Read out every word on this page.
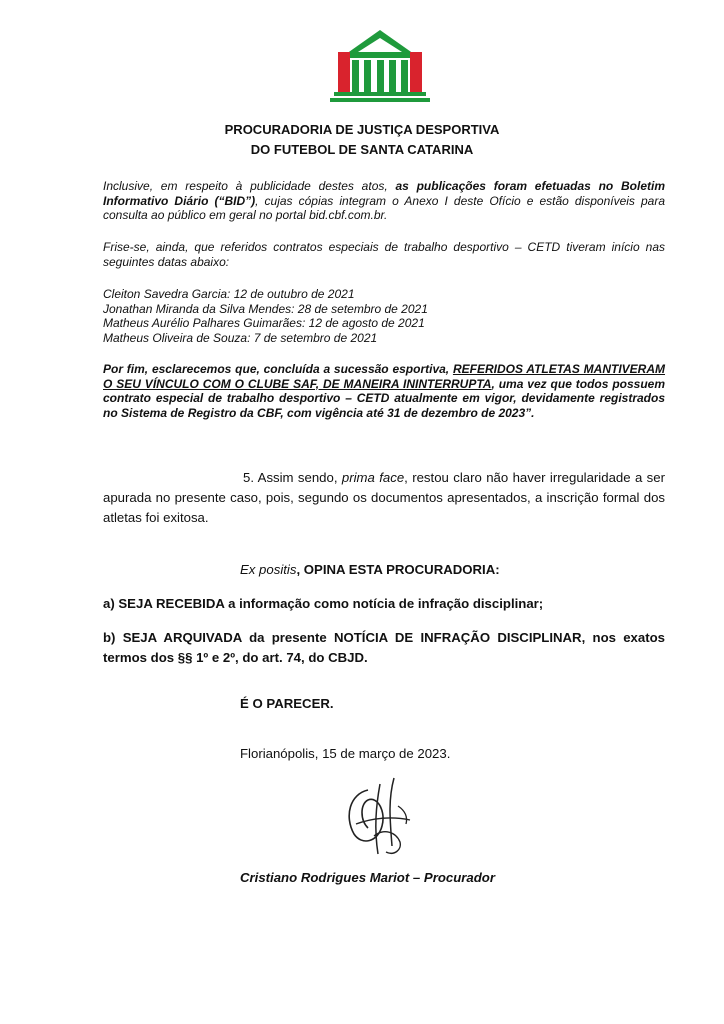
PROCURADORIA DE JUSTIÇA DESPORTIVA
DO FUTEBOL DE SANTA CATARINA

Inclusive, em respeito à publicidade destes atos, as publicações foram efetuadas no Boletim Informativo Diário (“BID”), cujas cópias integram o Anexo I deste Ofício e estão disponíveis para consulta ao público em geral no portal bid.cbf.com.br.

Frise-se, ainda, que referidos contratos especiais de trabalho desportivo – CETD tiveram início nas seguintes datas abaixo:

Cleiton Savedra Garcia: 12 de outubro de 2021
Jonathan Miranda da Silva Mendes: 28 de setembro de 2021
Matheus Aurélio Palhares Guimarães: 12 de agosto de 2021
Matheus Oliveira de Souza: 7 de setembro de 2021

Por fim, esclarecemos que, concluída a sucessão esportiva, REFERIDOS ATLETAS MANTIVERAM O SEU VÍNCULO COM O CLUBE SAF, DE MANEIRA ININTERRUPTA, uma vez que todos possuem contrato especial de trabalho desportivo – CETD atualmente em vigor, devidamente registrados no Sistema de Registro da CBF, com vigência até 31 de dezembro de 2023”.

5. Assim sendo, prima face, restou claro não haver irregularidade a ser apurada no presente caso, pois, segundo os documentos apresentados, a inscrição formal dos atletas foi exitosa.

Ex positis, OPINA ESTA PROCURADORIA:

a) SEJA RECEBIDA a informação como notícia de infração disciplinar;

b) SEJA ARQUIVADA da presente NOTÍCIA DE INFRAÇÃO DISCIPLINAR, nos exatos termos dos §§ 1º e 2º, do art. 74, do CBJD.

É O PARECER.

Florianópolis, 15 de março de 2023.

Cristiano Rodrigues Mariot – Procurador
